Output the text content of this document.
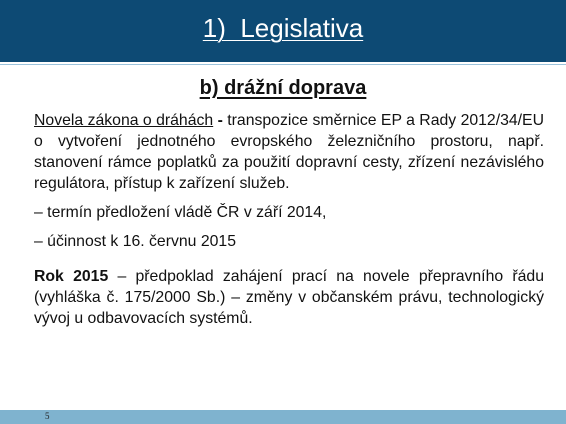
1)  Legislativa
b) drážní doprava

Novela zákona o dráhách - transpozice směrnice EP a Rady 2012/34/EU o vytvoření jednotného evropského železničního prostoru, např. stanovení rámce poplatků za použití dopravní cesty, zřízení nezávislého regulátora, přístup k zařízení služeb.

– termín předložení vládě ČR v září 2014,
– účinnost k 16. červnu 2015

Rok 2015 – předpoklad zahájení prací na novele přepravního řádu (vyhláška č. 175/2000 Sb.) – změny v občanském právu, technologický vývoj u odbavovacích systémů.

5
